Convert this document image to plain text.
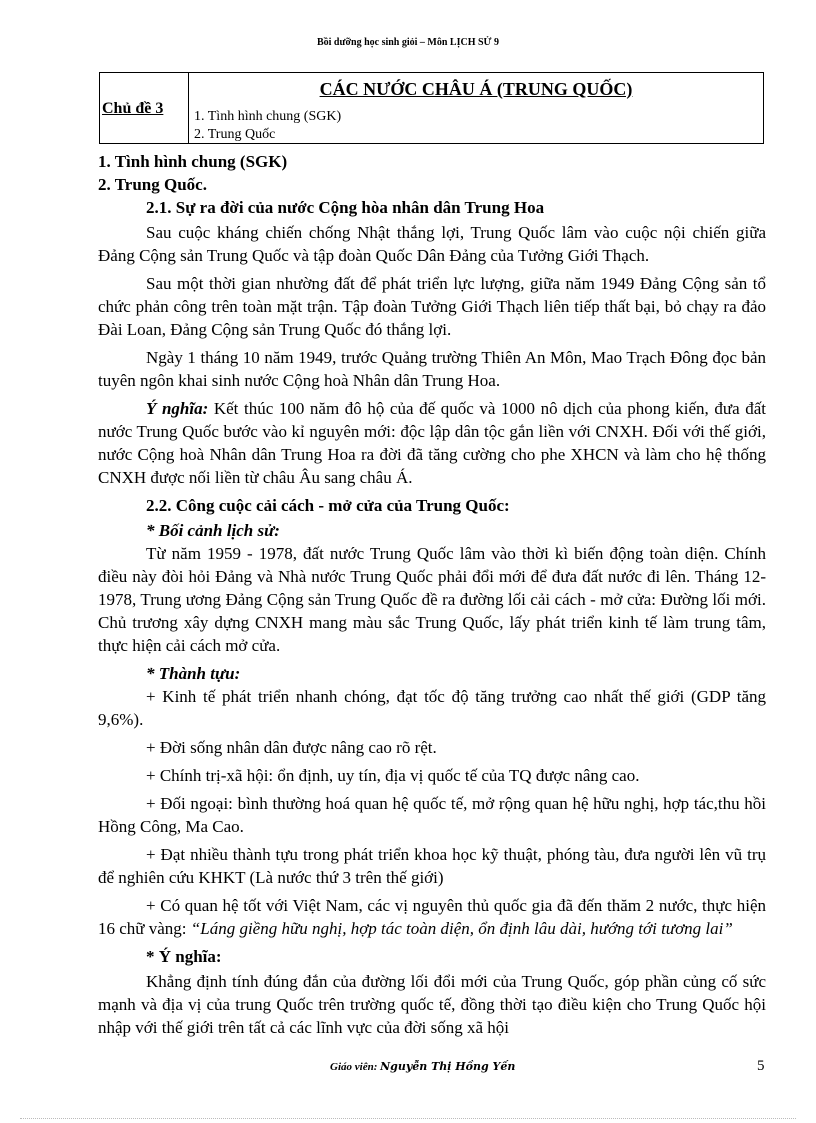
Bồi dưỡng học sinh giỏi – Môn LỊCH SỬ 9
Chủ đề 3
CÁC NƯỚC CHÂU Á (TRUNG QUỐC)
1. Tình hình chung (SGK)
2. Trung Quốc

1. Tình hình chung (SGK)

2. Trung Quốc.

2.1. Sự ra đời của nước Cộng hòa nhân dân Trung Hoa

Sau cuộc kháng chiến chống Nhật thắng lợi, Trung Quốc lâm vào cuộc nội chiến giữa Đảng Cộng sản Trung Quốc và tập đoàn Quốc Dân Đảng của Tưởng Giới Thạch.

Sau một thời gian nhường đất để phát triển lực lượng, giữa năm 1949 Đảng Cộng sản tổ chức phản công trên toàn mặt trận. Tập đoàn Tưởng Giới Thạch liên tiếp thất bại, bỏ chạy ra đảo Đài Loan, Đảng Cộng sản Trung Quốc đó thắng lợi.

Ngày 1 tháng 10 năm 1949, trước Quảng trường Thiên An Môn, Mao Trạch Đông đọc bản tuyên ngôn khai sinh nước Cộng hoà Nhân dân Trung Hoa.

Ý nghĩa: Kết thúc 100 năm đô hộ của đế quốc và 1000 nô dịch của phong kiến, đưa đất nước Trung Quốc bước vào kỉ nguyên mới: độc lập dân tộc gắn liền với CNXH. Đối với thế giới, nước Cộng hoà Nhân dân Trung Hoa ra đời đã tăng cường cho phe XHCN và làm cho hệ thống CNXH được nối liền từ châu Âu sang châu Á.

2.2. Công cuộc cải cách - mở cửa của Trung Quốc:

* Bối cảnh lịch sử:

Từ năm 1959 - 1978, đất nước Trung Quốc lâm vào thời kì biến động toàn diện. Chính điều này đòi hỏi Đảng và Nhà nước Trung Quốc phải đổi mới để đưa đất nước đi lên. Tháng 12-1978, Trung ương Đảng Cộng sản Trung Quốc đề ra đường lối cải cách - mở cửa: Đường lối mới. Chủ trương xây dựng CNXH mang màu sắc Trung Quốc, lấy phát triển kinh tế làm trung tâm, thực hiện cải cách mở cửa.

* Thành tựu:

+ Kinh tế phát triển nhanh chóng, đạt tốc độ tăng trưởng cao nhất thế giới (GDP tăng 9,6%).

+ Đời sống nhân dân được nâng cao rõ rệt.

+ Chính trị-xã hội: ổn định, uy tín, địa vị quốc tế của TQ được nâng cao.

+ Đối ngoại: bình thường hoá quan hệ quốc tế, mở rộng quan hệ hữu nghị, hợp tác,thu hồi Hồng Công, Ma Cao.

+ Đạt nhiều thành tựu trong phát triển khoa học kỹ thuật, phóng tàu, đưa người lên vũ trụ để nghiên cứu KHKT (Là nước thứ 3 trên thế giới)

+ Có quan hệ tốt với Việt Nam, các vị nguyên thủ quốc gia đã đến thăm 2 nước, thực hiện 16 chữ vàng: “Láng giềng hữu nghị, hợp tác toàn diện, ổn định lâu dài, hướng tới tương lai”

* Ý nghĩa:

Khẳng định tính đúng đắn của đường lối đổi mới của Trung Quốc, góp phần củng cố sức mạnh và địa vị của trung Quốc trên trường quốc tế, đồng thời tạo điều kiện cho Trung Quốc hội nhập với thế giới trên tất cả các lĩnh vực của đời sống xã hội

Giáo viên: Nguyễn Thị Hồng Yến	5
